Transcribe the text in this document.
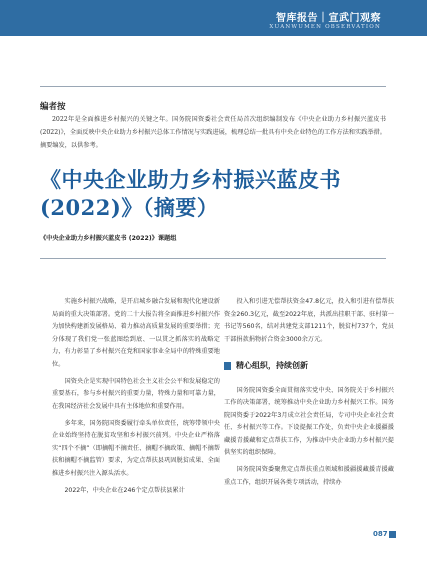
智库报告｜宣武门观察
XUANWUMEN OBSERVATION
编者按
2022年是全面推进乡村振兴的关键之年。国务院国资委社会责任局首次组织编制发布《中央企业助力乡村振兴蓝皮书(2022)》，全面反映中央企业助力乡村振兴总体工作情况与实践进展，梳理总结一批具有中央企业特色的工作方法和实践举措。摘要编发，以供参考。
《中央企业助力乡村振兴蓝皮书 (2022)》（摘要）
《中央企业助力乡村振兴蓝皮书 (2022)》课题组

实施乡村振兴战略，是开启城乡融合发展和现代化建设新局面的重大决策部署。党的二十大报告将全面推进乡村振兴作为加快构建新发展格局、着力推动高质量发展的重要举措；充分体现了我们党一张蓝图绘到底、一以贯之抓落实的战略定力，有力彰显了乡村振兴在党和国家事业全局中的特殊重要地位。

国资央企是实现中国特色社会主义社会公平和发展稳定的重要基石，参与乡村振兴的重要力量，特殊力量和可靠力量，在我国经济社会发展中具有主体地位和重要作用。

多年来，国务院国资委履行牵头单位责任，统筹带领中央企业始终坚持在脱贫攻坚和乡村振兴前列。中央企业严格落实“四个不摘”（即摘帽不摘责任、摘帽不摘政策、摘帽不摘帮扶和摘帽不摘监管）要求，为定点帮扶县巩固脱贫成果、全面推进乡村振兴注入源头活水。

2022年，中央企业在246个定点帮扶县累计

投入和引进无偿帮扶资金47.8亿元，投入和引进有偿帮扶资金260.3亿元，截至2022年底，共派出挂职干部、驻村第一书记等560名，结对共建党支部1211个，脱贫村737个，党员干部捐款捐物折合资金3000余万元。

精心组织，持续创新

国务院国资委全面贯彻落实党中央、国务院关于乡村振兴工作的决策部署，统筹推动中央企业助力乡村振兴工作。国务院国资委于2022年3月成立社会责任局，专司中央企业社会责任、乡村振兴等工作。下设提振工作处，负责中央企业援疆援藏援青援藏和定点帮扶工作，为推动中央企业助力乡村振兴提供坚实的组织保障。

国务院国资委聚焦定点帮扶重点领域和援疆援藏援青援藏重点工作，组织开展各类专项活动，持续办

087
